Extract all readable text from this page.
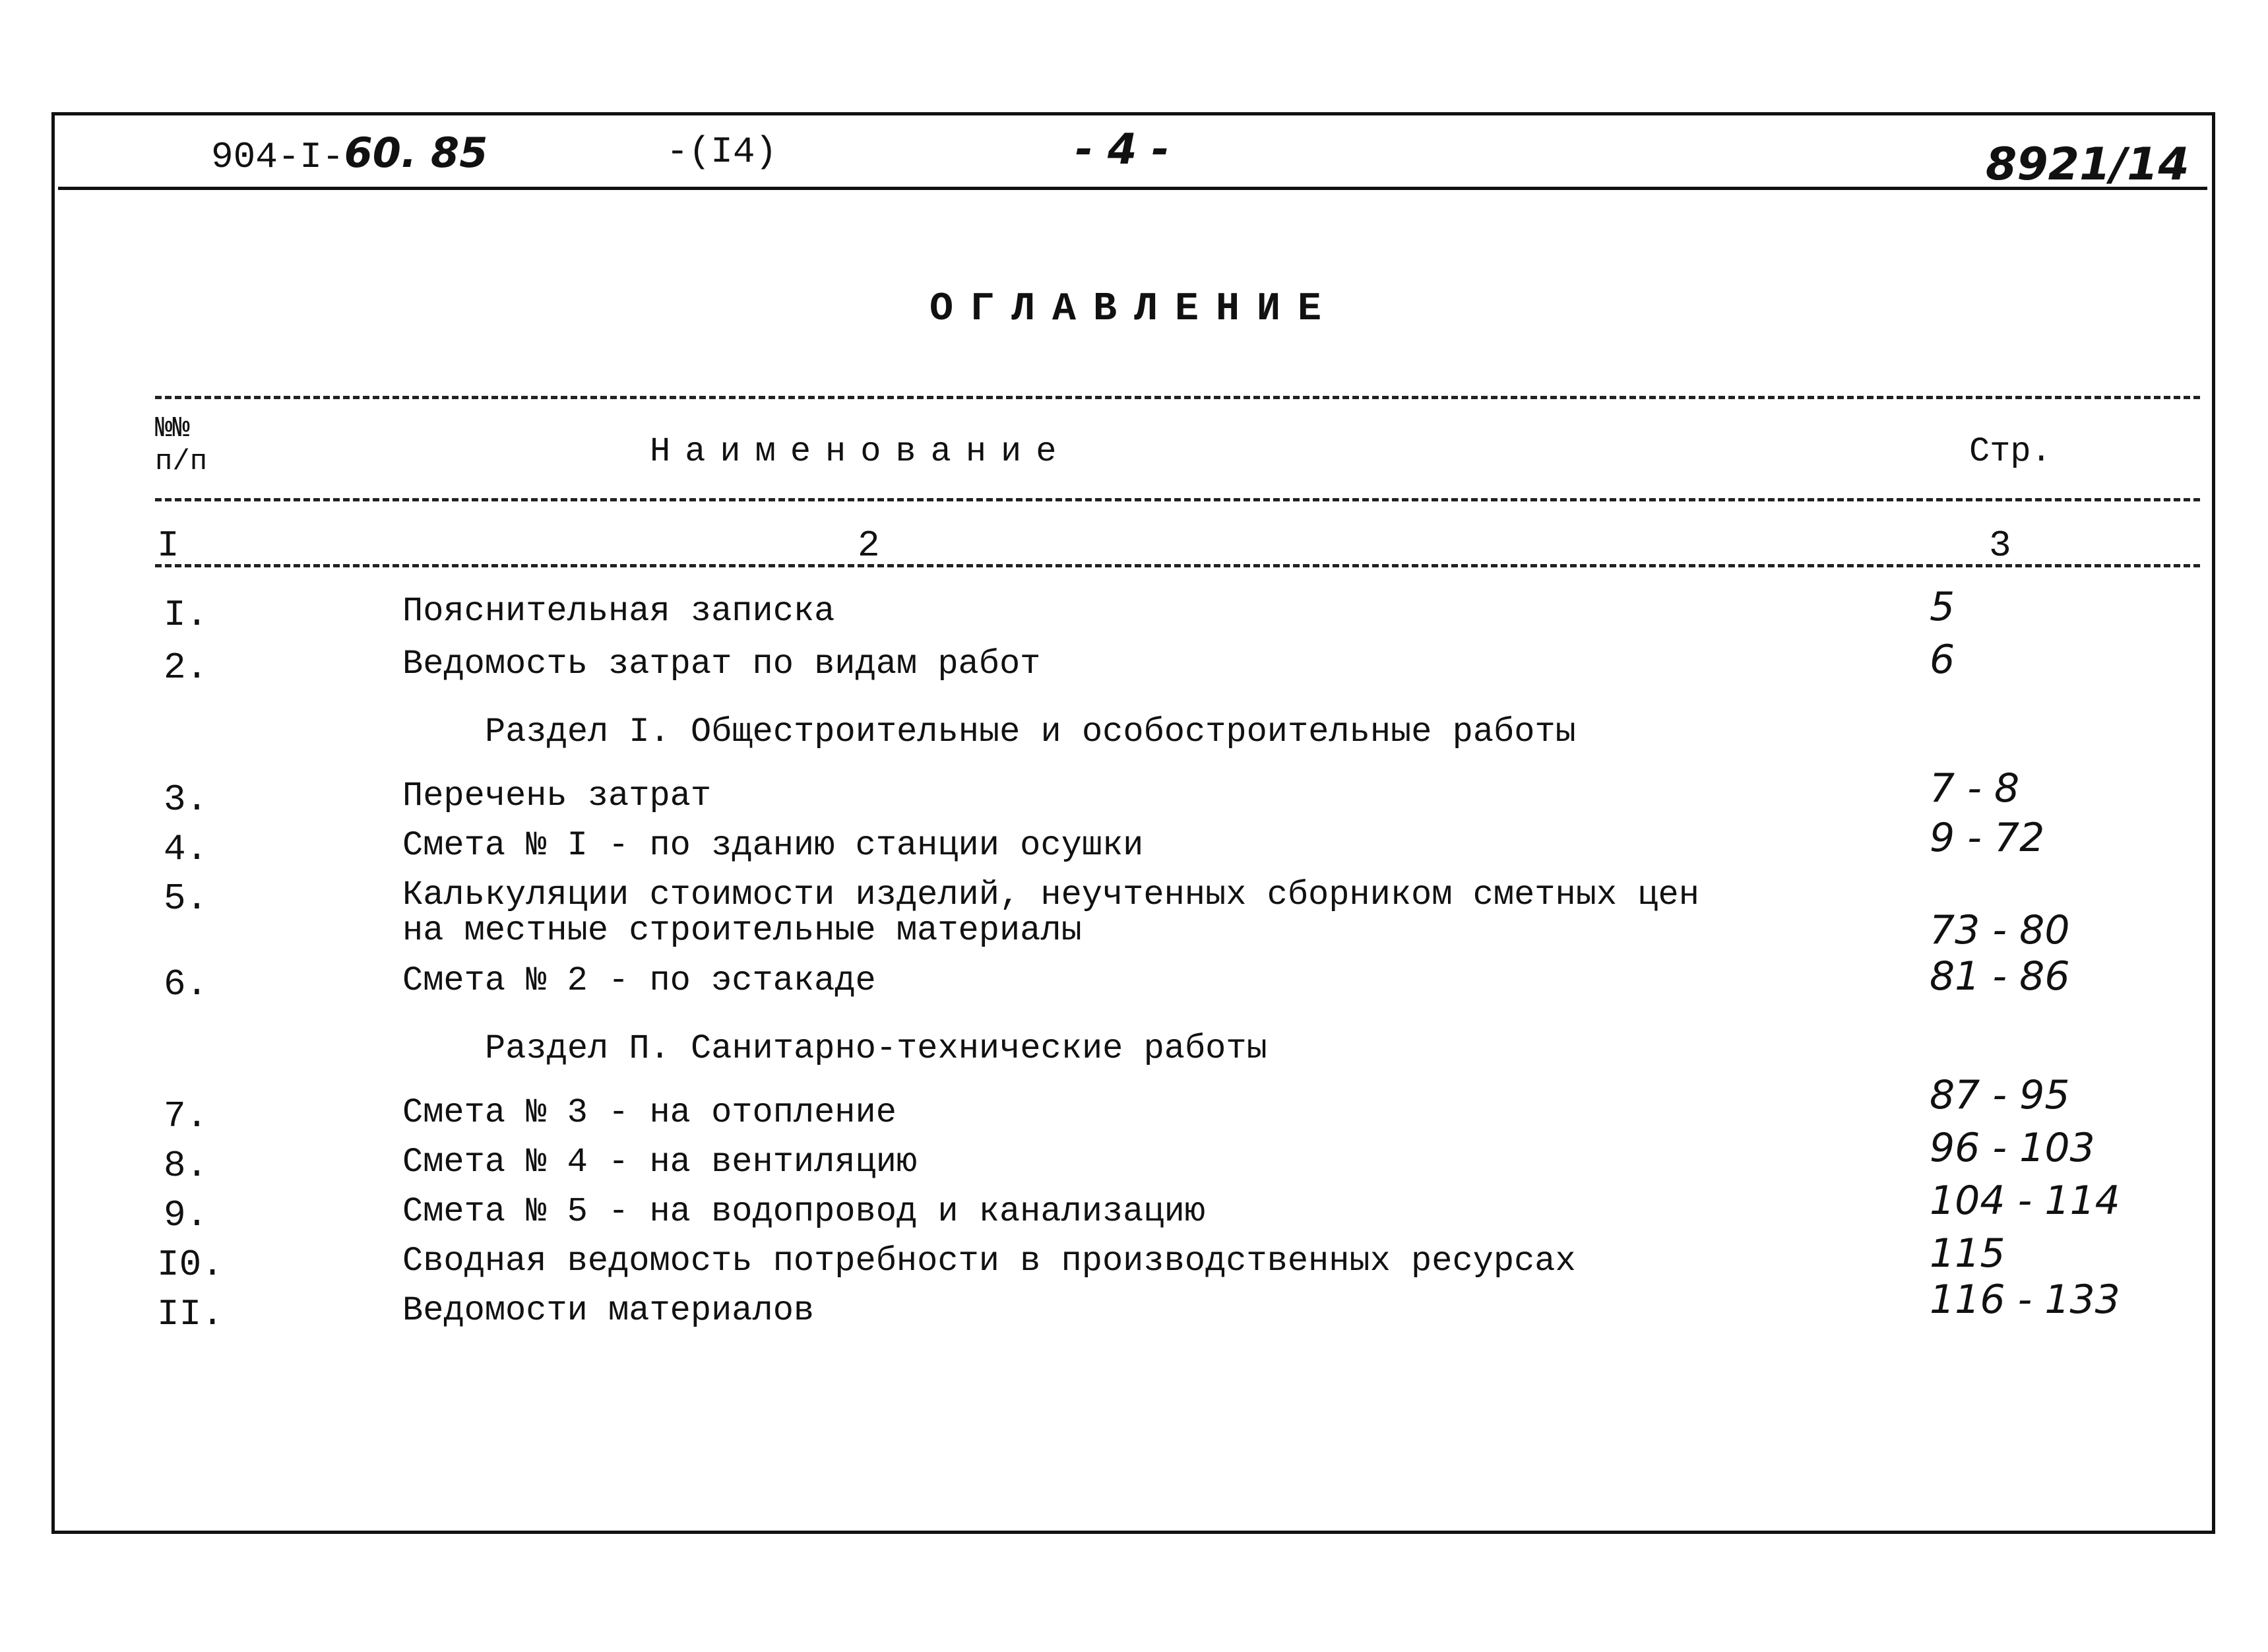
904-I-60. 85	-(I4)	- 4 -	8921/14
ОГЛАВЛЕНИЕ
№№
п/п	Наименование	Стр.
I	2	3
I.	Пояснительная записка	5
2.	Ведомость затрат по видам работ	6
Раздел I. Общестроительные и особостроительные работы
3.	Перечень затрат	7 - 8
4.	Смета № I - по зданию станции осушки	9 - 72
5.	Калькуляции стоимости изделий, неучтенных сборником сметных цен
на местные строительные материалы	73 - 80
6.	Смета № 2 - по эстакаде	81 - 86
Раздел П. Санитарно-технические работы
7.	Смета № 3 - на отопление	87 - 95
8.	Смета № 4 - на вентиляцию	96 - 103
9.	Смета № 5 - на водопровод и канализацию	104 - 114
I0.	Сводная ведомость потребности в производственных ресурсах	115
II.	Ведомости материалов	116 - 133
